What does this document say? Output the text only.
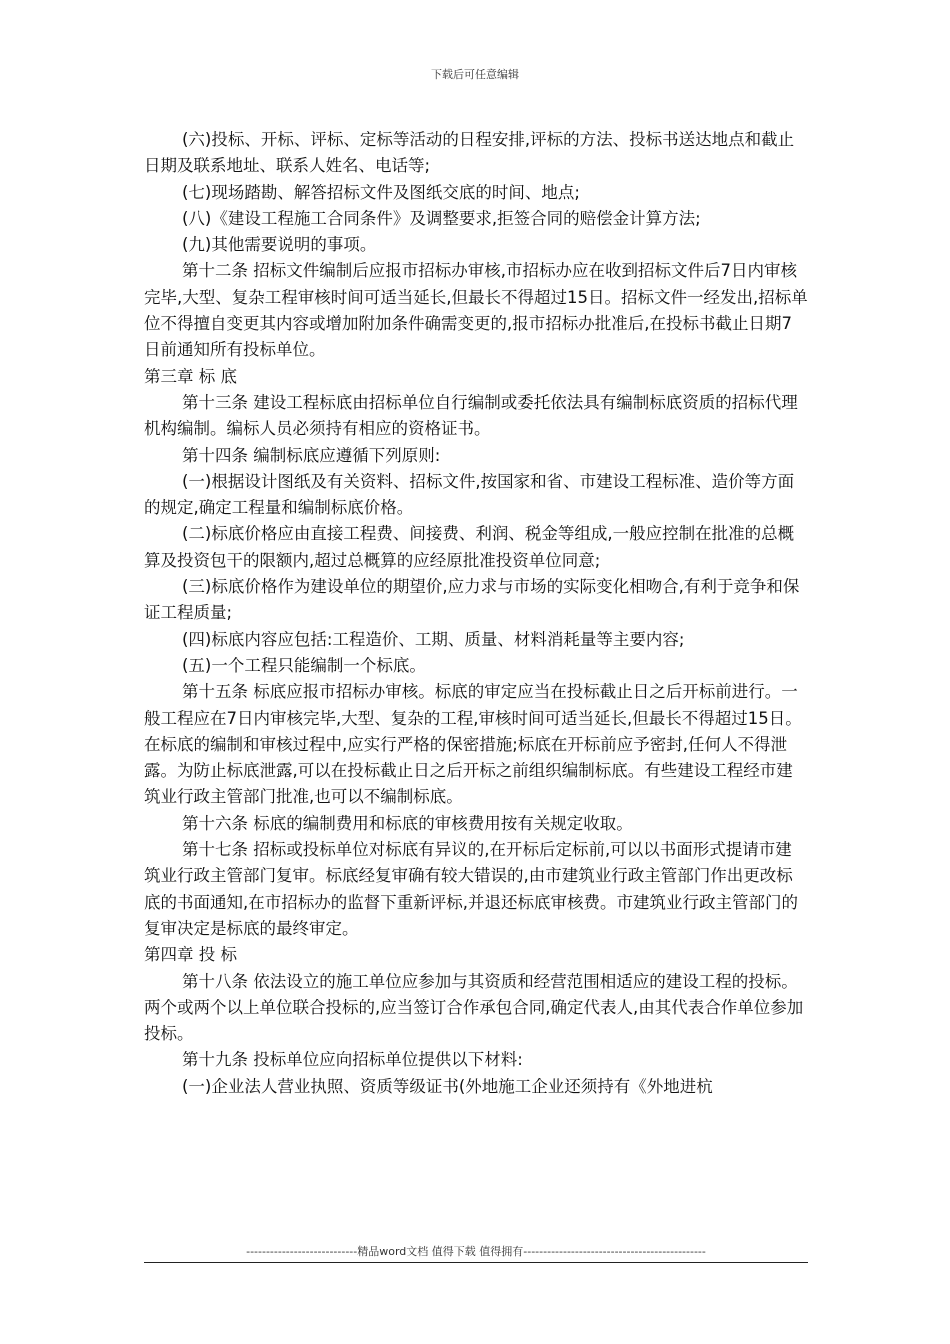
下载后可任意编辑

(六)投标、开标、评标、定标等活动的日程安排,评标的方法、投标书送达地点和截止日期及联系地址、联系人姓名、电话等;

(七)现场踏勘、解答招标文件及图纸交底的时间、地点;

(八)《建设工程施工合同条件》及调整要求,拒签合同的赔偿金计算方法;

(九)其他需要说明的事项。

第十二条 招标文件编制后应报市招标办审核,市招标办应在收到招标文件后7日内审核完毕,大型、复杂工程审核时间可适当延长,但最长不得超过15日。招标文件一经发出,招标单位不得擅自变更其内容或增加附加条件确需变更的,报市招标办批准后,在投标书截止日期7日前通知所有投标单位。

第三章 标 底

第十三条 建设工程标底由招标单位自行编制或委托依法具有编制标底资质的招标代理机构编制。编标人员必须持有相应的资格证书。

第十四条 编制标底应遵循下列原则:

(一)根据设计图纸及有关资料、招标文件,按国家和省、市建设工程标准、造价等方面的规定,确定工程量和编制标底价格。

(二)标底价格应由直接工程费、间接费、利润、税金等组成,一般应控制在批准的总概算及投资包干的限额内,超过总概算的应经原批准投资单位同意;

(三)标底价格作为建设单位的期望价,应力求与市场的实际变化相吻合,有利于竞争和保证工程质量;

(四)标底内容应包括:工程造价、工期、质量、材料消耗量等主要内容;

(五)一个工程只能编制一个标底。

第十五条 标底应报市招标办审核。标底的审定应当在投标截止日之后开标前进行。一般工程应在7日内审核完毕,大型、复杂的工程,审核时间可适当延长,但最长不得超过15日。在标底的编制和审核过程中,应实行严格的保密措施;标底在开标前应予密封,任何人不得泄露。为防止标底泄露,可以在投标截止日之后开标之前组织编制标底。有些建设工程经市建筑业行政主管部门批准,也可以不编制标底。

第十六条 标底的编制费用和标底的审核费用按有关规定收取。

第十七条 招标或投标单位对标底有异议的,在开标后定标前,可以以书面形式提请市建筑业行政主管部门复审。标底经复审确有较大错误的,由市建筑业行政主管部门作出更改标底的书面通知,在市招标办的监督下重新评标,并退还标底审核费。市建筑业行政主管部门的复审决定是标底的最终审定。

第四章 投 标

第十八条 依法设立的施工单位应参加与其资质和经营范围相适应的建设工程的投标。两个或两个以上单位联合投标的,应当签订合作承包合同,确定代表人,由其代表合作单位参加投标。

第十九条 投标单位应向招标单位提供以下材料:

(一)企业法人营业执照、资质等级证书(外地施工企业还须持有《外地进杭

----------------------------精品word文档 值得下载 值得拥有----------------------------------------------
